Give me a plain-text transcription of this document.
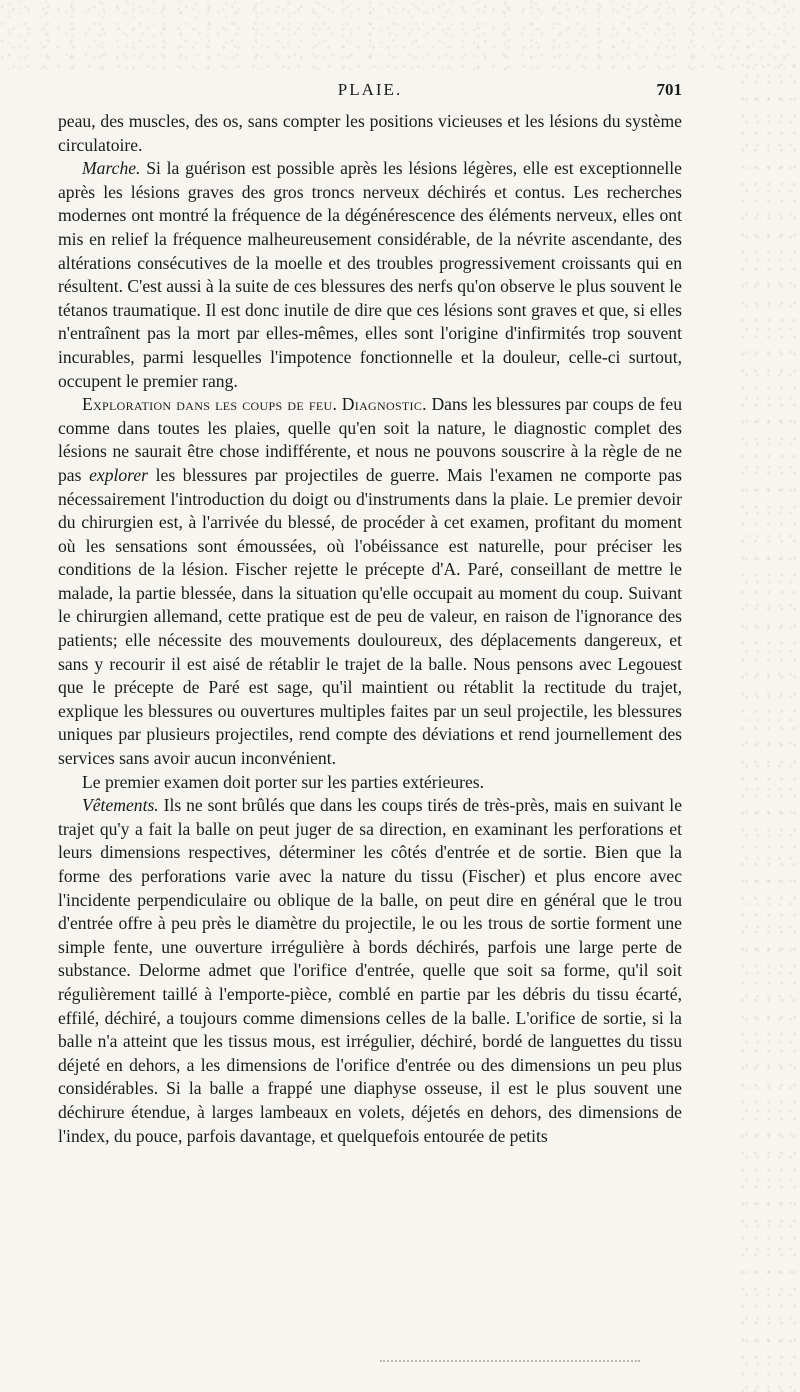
PLAIE.	701

peau, des muscles, des os, sans compter les positions vicieuses et les lésions du système circulatoire.

Marche. Si la guérison est possible après les lésions légères, elle est exceptionnelle après les lésions graves des gros troncs nerveux déchirés et contus. Les recherches modernes ont montré la fréquence de la dégénérescence des éléments nerveux, elles ont mis en relief la fréquence malheureusement considérable, de la névrite ascendante, des altérations consécutives de la moelle et des troubles progressivement croissants qui en résultent. C'est aussi à la suite de ces blessures des nerfs qu'on observe le plus souvent le tétanos traumatique. Il est donc inutile de dire que ces lésions sont graves et que, si elles n'entraînent pas la mort par elles-mêmes, elles sont l'origine d'infirmités trop souvent incurables, parmi lesquelles l'impotence fonctionnelle et la douleur, celle-ci surtout, occupent le premier rang.

Exploration dans les coups de feu. Diagnostic. Dans les blessures par coups de feu comme dans toutes les plaies, quelle qu'en soit la nature, le diagnostic complet des lésions ne saurait être chose indifférente, et nous ne pouvons souscrire à la règle de ne pas explorer les blessures par projectiles de guerre. Mais l'examen ne comporte pas nécessairement l'introduction du doigt ou d'instruments dans la plaie. Le premier devoir du chirurgien est, à l'arrivée du blessé, de procéder à cet examen, profitant du moment où les sensations sont émoussées, où l'obéissance est naturelle, pour préciser les conditions de la lésion. Fischer rejette le précepte d'A. Paré, conseillant de mettre le malade, la partie blessée, dans la situation qu'elle occupait au moment du coup. Suivant le chirurgien allemand, cette pratique est de peu de valeur, en raison de l'ignorance des patients; elle nécessite des mouvements douloureux, des déplacements dangereux, et sans y recourir il est aisé de rétablir le trajet de la balle. Nous pensons avec Legouest que le précepte de Paré est sage, qu'il maintient ou rétablit la rectitude du trajet, explique les blessures ou ouvertures multiples faites par un seul projectile, les blessures uniques par plusieurs projectiles, rend compte des déviations et rend journellement des services sans avoir aucun inconvénient.

Le premier examen doit porter sur les parties extérieures.

Vêtements. Ils ne sont brûlés que dans les coups tirés de très-près, mais en suivant le trajet qu'y a fait la balle on peut juger de sa direction, en examinant les perforations et leurs dimensions respectives, déterminer les côtés d'entrée et de sortie. Bien que la forme des perforations varie avec la nature du tissu (Fischer) et plus encore avec l'incidente perpendiculaire ou oblique de la balle, on peut dire en général que le trou d'entrée offre à peu près le diamètre du projectile, le ou les trous de sortie forment une simple fente, une ouverture irrégulière à bords déchirés, parfois une large perte de substance. Delorme admet que l'orifice d'entrée, quelle que soit sa forme, qu'il soit régulièrement taillé à l'emporte-pièce, comblé en partie par les débris du tissu écarté, effilé, déchiré, a toujours comme dimensions celles de la balle. L'orifice de sortie, si la balle n'a atteint que les tissus mous, est irrégulier, déchiré, bordé de languettes du tissu déjeté en dehors, a les dimensions de l'orifice d'entrée ou des dimensions un peu plus considérables. Si la balle a frappé une diaphyse osseuse, il est le plus souvent une déchirure étendue, à larges lambeaux en volets, déjetés en dehors, des dimensions de l'index, du pouce, parfois davantage, et quelquefois entourée de petits
